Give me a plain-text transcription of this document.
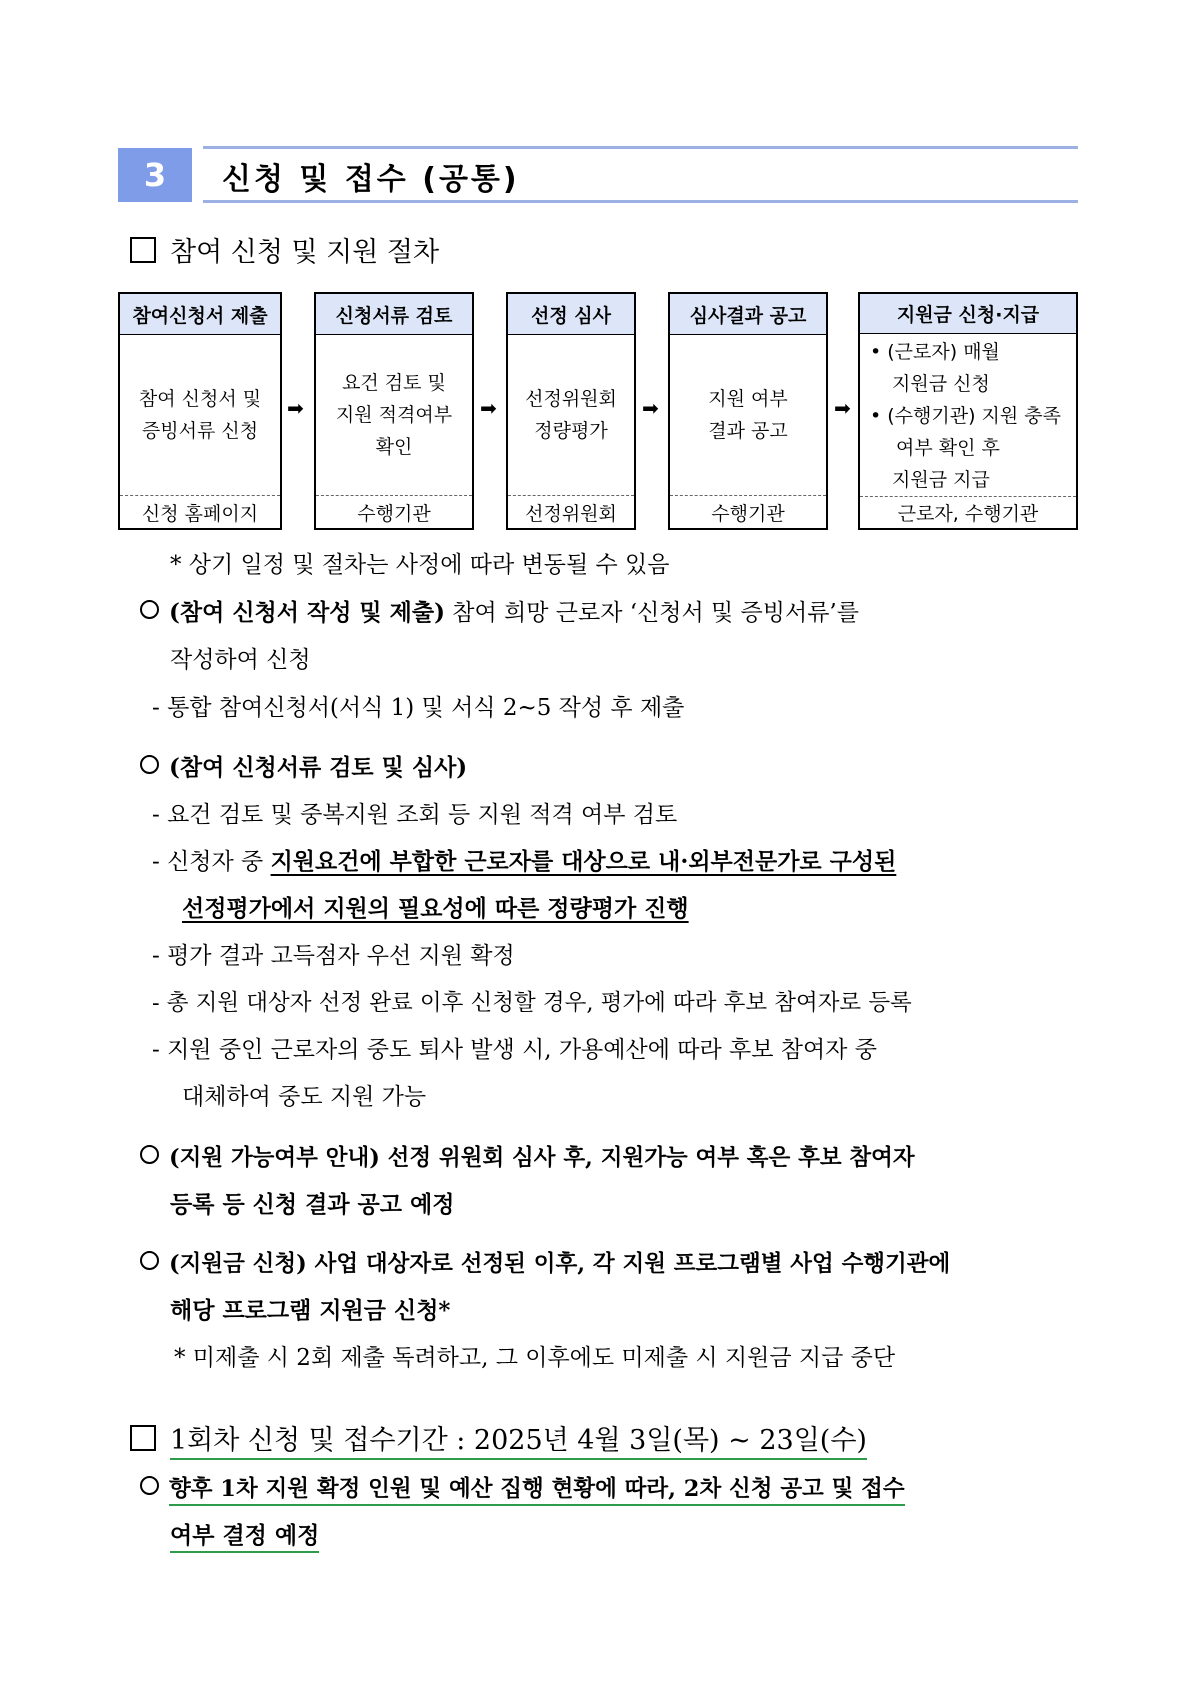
3	신청 및 접수 (공통)
참여 신청 및 지원 절차
참여신청서 제출
참여 신청서 및
증빙서류 신청
신청 홈페이지
➡
신청서류 검토
요건 검토 및
지원 적격여부
확인
수행기관
➡
선정 심사
선정위원회
정량평가
선정위원회
➡
심사결과 공고
지원 여부
결과 공고
수행기관
➡
지원금 신청·지급
• (근로자) 매월
지원금 신청
• (수행기관) 지원 충족
여부 확인 후
지원금 지급
근로자, 수행기관
* 상기 일정 및 절차는 사정에 따라 변동될 수 있음
(참여 신청서 작성 및 제출) 참여 희망 근로자 ‘신청서 및 증빙서류’를
작성하여 신청
- 통합 참여신청서(서식 1) 및 서식 2~5 작성 후 제출
(참여 신청서류 검토 및 심사)
- 요건 검토 및 중복지원 조회 등 지원 적격 여부 검토
- 신청자 중 지원요건에 부합한 근로자를 대상으로 내·외부전문가로 구성된
선정평가에서 지원의 필요성에 따른 정량평가 진행
- 평가 결과 고득점자 우선 지원 확정
- 총 지원 대상자 선정 완료 이후 신청할 경우, 평가에 따라 후보 참여자로 등록
- 지원 중인 근로자의 중도 퇴사 발생 시, 가용예산에 따라 후보 참여자 중
대체하여 중도 지원 가능
(지원 가능여부 안내) 선정 위원회 심사 후, 지원가능 여부 혹은 후보 참여자
등록 등 신청 결과 공고 예정
(지원금 신청) 사업 대상자로 선정된 이후, 각 지원 프로그램별 사업 수행기관에
해당 프로그램 지원금 신청*
* 미제출 시 2회 제출 독려하고, 그 이후에도 미제출 시 지원금 지급 중단
1회차 신청 및 접수기간 : 2025년 4월 3일(목) ~ 23일(수)
향후 1차 지원 확정 인원 및 예산 집행 현황에 따라, 2차 신청 공고 및 접수
여부 결정 예정
